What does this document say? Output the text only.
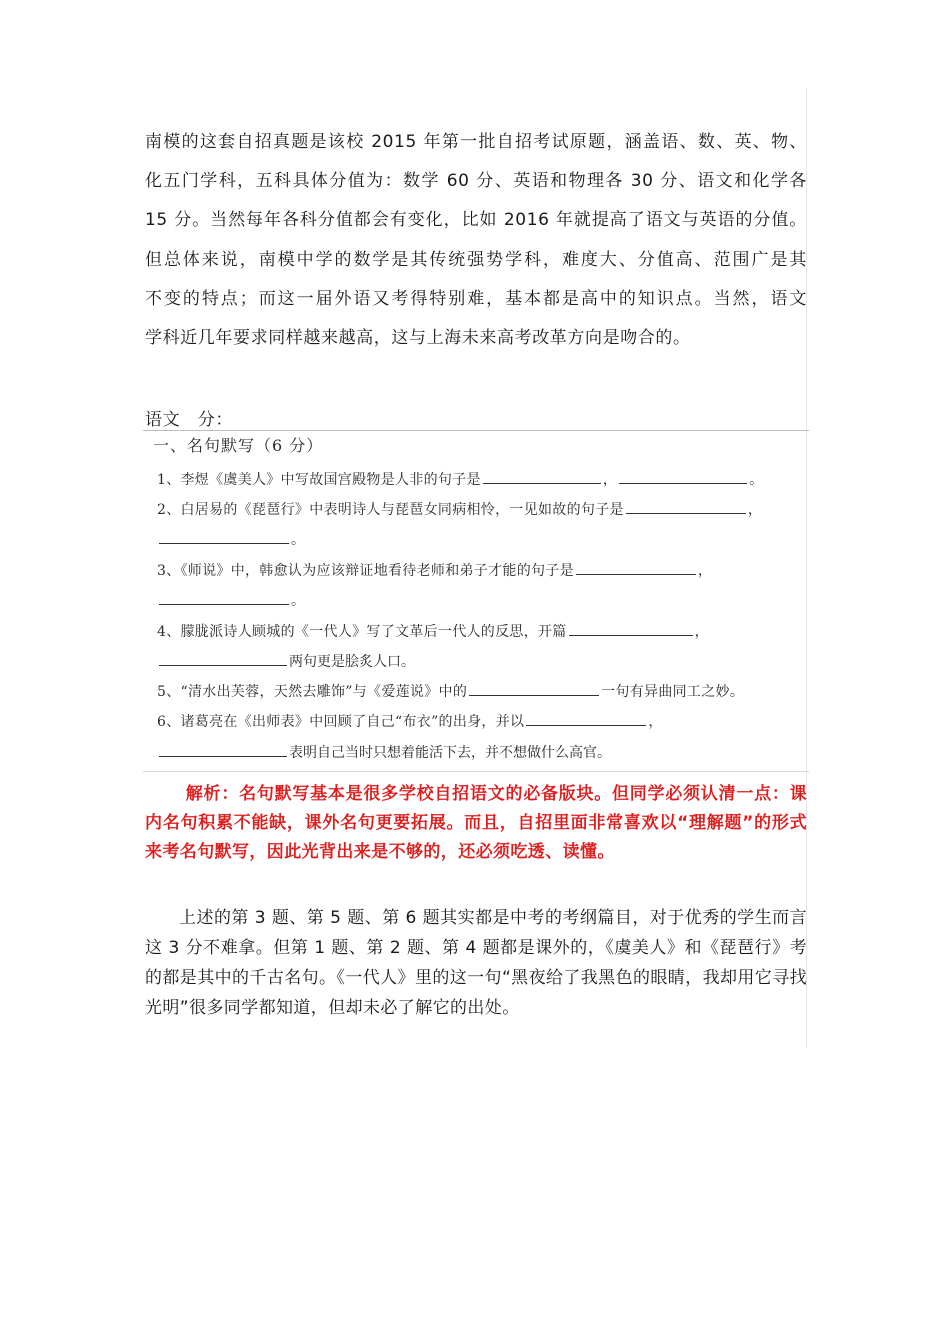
南模的这套自招真题是该校 2015 年第一批自招考试原题，涵盖语、数、英、物、

化五门学科，五科具体分值为：数学 60 分、英语和物理各 30 分、语文和化学各

15 分。当然每年各科分值都会有变化，比如 2016 年就提高了语文与英语的分值。

但总体来说，南模中学的数学是其传统强势学科，难度大、分值高、范围广是其

不变的特点；而这一届外语又考得特别难，基本都是高中的知识点。当然，语文

学科近几年要求同样越来越高，这与上海未来高考改革方向是吻合的。

语文　分：
一、名句默写（6 分）
1、李煜《虞美人》中写故国宫殿物是人非的句子是	，	。
2、白居易的《琵琶行》中表明诗人与琵琶女同病相怜，一见如故的句子是	，
。
3、《师说》中，韩愈认为应该辩证地看待老师和弟子才能的句子是	，
。
4、朦胧派诗人顾城的《一代人》写了文革后一代人的反思，开篇	，
两句更是脍炙人口。
5、“清水出芙蓉，天然去雕饰”与《爱莲说》中的	一句有异曲同工之妙。
6、诸葛亮在《出师表》中回顾了自己“布衣”的出身，并以	，
表明自己当时只想着能活下去，并不想做什么高官。

解析：名句默写基本是很多学校自招语文的必备版块。但同学必须认清一点：课内名句积累不能缺，课外名句更要拓展。而且，自招里面非常喜欢以“理解题”的形式来考名句默写，因此光背出来是不够的，还必须吃透、读懂。

上述的第 3 题、第 5 题、第 6 题其实都是中考的考纲篇目，对于优秀的学生而言这 3 分不难拿。但第 1 题、第 2 题、第 4 题都是课外的，《虞美人》和《琵琶行》考的都是其中的千古名句。《一代人》里的这一句“黑夜给了我黑色的眼睛，我却用它寻找光明”很多同学都知道，但却未必了解它的出处。
